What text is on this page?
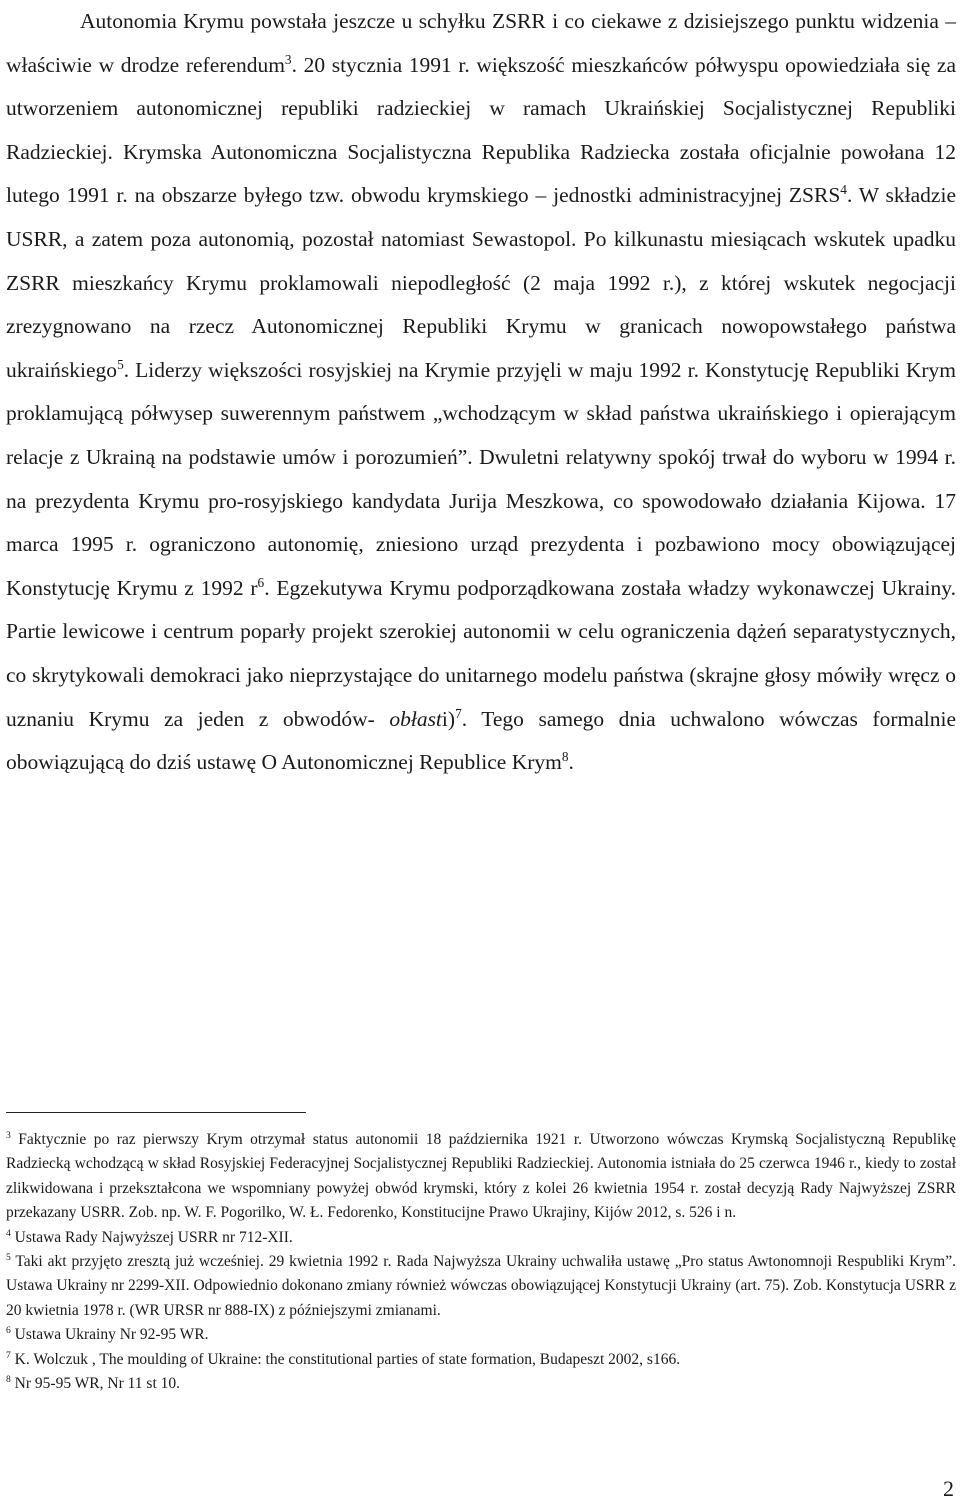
Autonomia Krymu powstała jeszcze u schyłku ZSRR i co ciekawe z dzisiejszego punktu widzenia – właściwie w drodze referendum$^3$. 20 stycznia 1991 r. większość mieszkańców półwyspu opowiedziała się za utworzeniem autonomicznej republiki radzieckiej w ramach Ukraińskiej Socjalistycznej Republiki Radzieckiej. Krymska Autonomiczna Socjalistyczna Republika Radziecka została oficjalnie powołana 12 lutego 1991 r. na obszarze byłego tzw. obwodu krymskiego – jednostki administracyjnej ZSRS$^4$. W składzie USRR, a zatem poza autonomią, pozostał natomiast Sewastopol. Po kilkunastu miesiącach wskutek upadku ZSRR mieszkańcy Krymu proklamowali niepodległość (2 maja 1992 r.), z której wskutek negocjacji zrezygnowano na rzecz Autonomicznej Republiki Krymu w granicach nowopowstałego państwa ukraińskiego$^5$. Liderzy większości rosyjskiej na Krymie przyjęli w maju 1992 r. Konstytucję Republiki Krym proklamującą półwysep suwerennym państwem „wchodzącym w skład państwa ukraińskiego i opierającym relacje z Ukrainą na podstawie umów i porozumień”. Dwuletni relatywny spokój trwał do wyboru w 1994 r. na prezydenta Krymu pro-rosyjskiego kandydata Jurija Meszkowa, co spowodowało działania Kijowa. 17 marca 1995 r. ograniczono autonomię, zniesiono urząd prezydenta i pozbawiono mocy obowiązującej Konstytucję Krymu z 1992 $r^6$. Egzekutywa Krymu podporządkowana została władzy wykonawczej Ukrainy. Partie lewicowe i centrum poparły projekt szerokiej autonomii w celu ograniczenia dążeń separatystycznych, co skrytykowali demokraci jako nieprzystające do unitarnego modelu państwa (skrajne głosy mówiły wręcz o uznaniu Krymu za jeden z obwodów- obłasti)$^7$. Tego samego dnia uchwalono wówczas formalnie obowiązującą do dziś ustawę O Autonomicznej Republice Krym$^8$.

$^3$ Faktycznie po raz pierwszy Krym otrzymał status autonomii 18 października 1921 r. Utworzono wówczas Krymską Socjalistyczną Republikę Radziecką wchodzącą w skład Rosyjskiej Federacyjnej Socjalistycznej Republiki Radzieckiej. Autonomia istniała do 25 czerwca 1946 r., kiedy to został zlikwidowana i przekształcona we wspomniany powyżej obwód krymski, który z kolei 26 kwietnia 1954 r. został decyzją Rady Najwyższej ZSRR przekazany USRR. Zob. np. W. F. Pogorilko, W. Ł. Fedorenko, Konstitucijne Prawo Ukrajiny, Kijów 2012, s. 526 i n.

$^4$ Ustawa Rady Najwyższej USRR nr 712-XII.

$^5$ Taki akt przyjęto zresztą już wcześniej. 29 kwietnia 1992 r. Rada Najwyższa Ukrainy uchwaliła ustawę „Pro status Awtonomnoji Respubliki Krym”. Ustawa Ukrainy nr 2299-XII. Odpowiednio dokonano zmiany również wówczas obowiązującej Konstytucji Ukrainy (art. 75). Zob. Konstytucja USRR z 20 kwietnia 1978 r. (WR URSR nr 888-IX) z późniejszymi zmianami.

$^6$ Ustawa Ukrainy Nr 92-95 WR.

$^7$ K. Wolczuk , The moulding of Ukraine: the constitutional parties of state formation, Budapeszt 2002, s166.

$^8$ Nr 95-95 WR, Nr 11 st 10.

2
